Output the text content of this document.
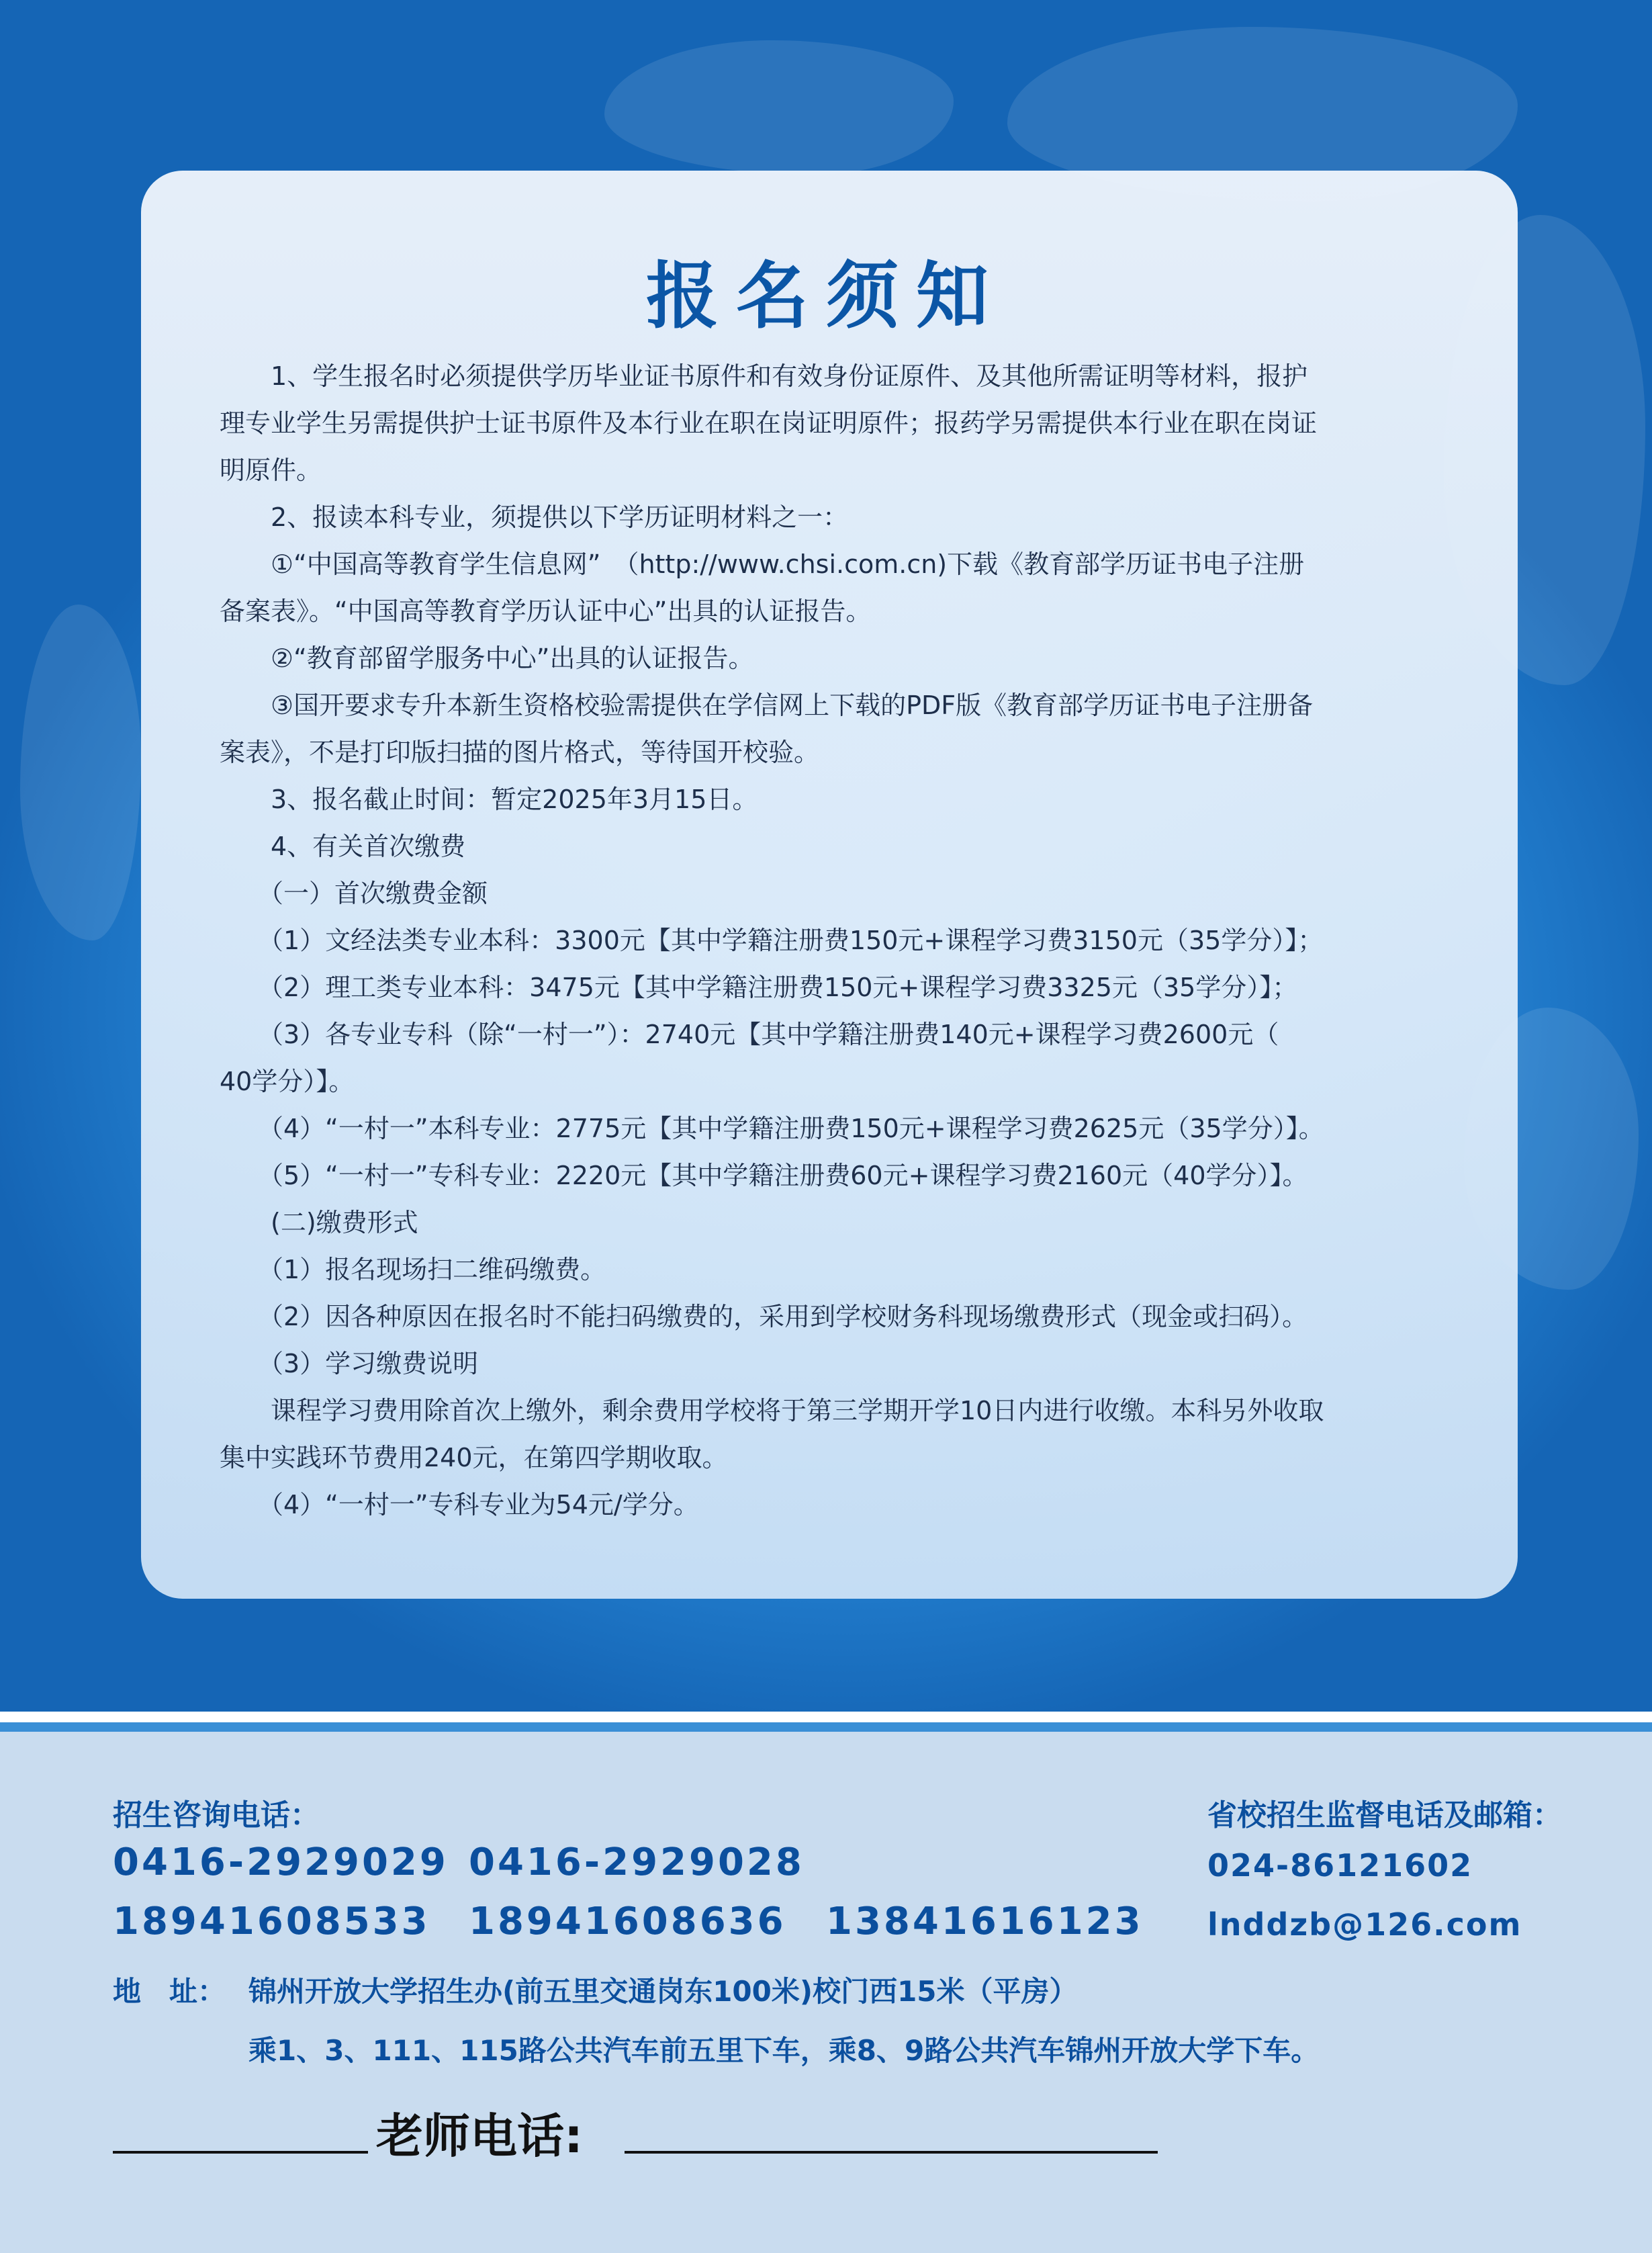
报名须知
　　1、学生报名时必须提供学历毕业证书原件和有效身份证原件、及其他所需证明等材料，报护
理专业学生另需提供护士证书原件及本行业在职在岗证明原件；报药学另需提供本行业在职在岗证
明原件。
　　2、报读本科专业，须提供以下学历证明材料之一：
　　①“中国高等教育学生信息网”　（http://www.chsi.com.cn)下载《教育部学历证书电子注册
备案表》。“中国高等教育学历认证中心”出具的认证报告。
　　②“教育部留学服务中心”出具的认证报告。
　　③国开要求专升本新生资格校验需提供在学信网上下载的PDF版《教育部学历证书电子注册备
案表》，不是打印版扫描的图片格式，等待国开校验。
　　3、报名截止时间：暂定2025年3月15日。
　　4、有关首次缴费
　　（一）首次缴费金额
　　（1）文经法类专业本科：3300元【其中学籍注册费150元+课程学习费3150元（35学分）】；
　　（2）理工类专业本科：3475元【其中学籍注册费150元+课程学习费3325元（35学分）】；
　　（3）各专业专科（除“一村一”）：2740元【其中学籍注册费140元+课程学习费2600元（
40学分）】。
　　（4）“一村一”本科专业：2775元【其中学籍注册费150元+课程学习费2625元（35学分）】。
　　（5）“一村一”专科专业：2220元【其中学籍注册费60元+课程学习费2160元（40学分）】。
　　(二)缴费形式
　　（1）报名现场扫二维码缴费。
　　（2）因各种原因在报名时不能扫码缴费的，采用到学校财务科现场缴费形式（现金或扫码）。
　　（3）学习缴费说明
　　课程学习费用除首次上缴外，剩余费用学校将于第三学期开学10日内进行收缴。本科另外收取
集中实践环节费用240元，在第四学期收取。
　　（4）“一村一”专科专业为54元/学分。
招生咨询电话：	省校招生监督电话及邮箱：
0416-2929029 0416-2929028	024-86121602
18941608533 18941608636 13841616123 lnddzb@126.com
地　址： 锦州开放大学招生办(前五里交通岗东100米)校门西15米（平房）
乘1、3、111、115路公共汽车前五里下车，乘8、9路公共汽车锦州开放大学下车。
老师电话:
